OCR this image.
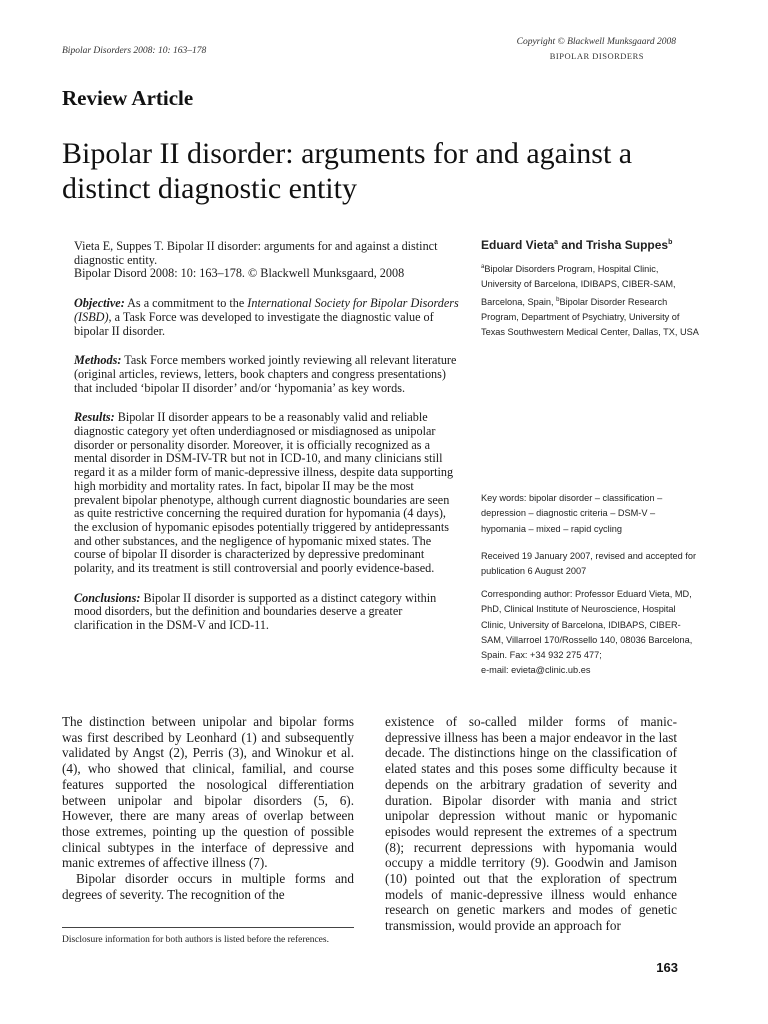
Bipolar Disorders 2008: 10: 163–178
Copyright © Blackwell Munksgaard 2008
BIPOLAR DISORDERS
Review Article
Bipolar II disorder: arguments for and against a distinct diagnostic entity

Vieta E, Suppes T. Bipolar II disorder: arguments for and against a distinct diagnostic entity.

Bipolar Disord 2008: 10: 163–178. © Blackwell Munksgaard, 2008

Objective: As a commitment to the International Society for Bipolar Disorders (ISBD), a Task Force was developed to investigate the diagnostic value of bipolar II disorder.

Methods: Task Force members worked jointly reviewing all relevant literature (original articles, reviews, letters, book chapters and congress presentations) that included ‘bipolar II disorder’ and/or ‘hypomania’ as key words.

Results: Bipolar II disorder appears to be a reasonably valid and reliable diagnostic category yet often underdiagnosed or misdiagnosed as unipolar disorder or personality disorder. Moreover, it is officially recognized as a mental disorder in DSM-IV-TR but not in ICD-10, and many clinicians still regard it as a milder form of manic-depressive illness, despite data supporting high morbidity and mortality rates. In fact, bipolar II may be the most prevalent bipolar phenotype, although current diagnostic boundaries are seen as quite restrictive concerning the required duration for hypomania (4 days), the exclusion of hypomanic episodes potentially triggered by antidepressants and other substances, and the negligence of hypomanic mixed states. The course of bipolar II disorder is characterized by depressive predominant polarity, and its treatment is still controversial and poorly evidence-based.

Conclusions: Bipolar II disorder is supported as a distinct category within mood disorders, but the definition and boundaries deserve a greater clarification in the DSM-V and ICD-11.

Eduard Vieta$^a$ and Trisha Suppes$^b$
$^a$Bipolar Disorders Program, Hospital Clinic, University of Barcelona, IDIBAPS, CIBER-SAM, Barcelona, Spain, $^b$Bipolar Disorder Research Program, Department of Psychiatry, University of Texas Southwestern Medical Center, Dallas, TX, USA
Key words: bipolar disorder – classification – depression – diagnostic criteria – DSM-V – hypomania – mixed – rapid cycling
Received 19 January 2007, revised and accepted for publication 6 August 2007
Corresponding author: Professor Eduard Vieta, MD, PhD, Clinical Institute of Neuroscience, Hospital Clinic, University of Barcelona, IDIBAPS, CIBER-SAM, Villarroel 170/Rossello 140, 08036 Barcelona, Spain. Fax: +34 932 275 477;
e-mail: evieta@clinic.ub.es

The distinction between unipolar and bipolar forms was first described by Leonhard (1) and subsequently validated by Angst (2), Perris (3), and Winokur et al. (4), who showed that clinical, familial, and course features supported the nosological differentiation between unipolar and bipolar disorders (5, 6). However, there are many areas of overlap between those extremes, pointing up the question of possible clinical subtypes in the interface of depressive and manic extremes of affective illness (7).

Bipolar disorder occurs in multiple forms and degrees of severity. The recognition of the

existence of so-called milder forms of manic-depressive illness has been a major endeavor in the last decade. The distinctions hinge on the classification of elated states and this poses some difficulty because it depends on the arbitrary gradation of severity and duration. Bipolar disorder with mania and strict unipolar depression without manic or hypomanic episodes would represent the extremes of a spectrum (8); recurrent depressions with hypomania would occupy a middle territory (9). Goodwin and Jamison (10) pointed out that the exploration of spectrum models of manic-depressive illness would enhance research on genetic markers and modes of genetic transmission, would provide an approach for

Disclosure information for both authors is listed before the references.
163
